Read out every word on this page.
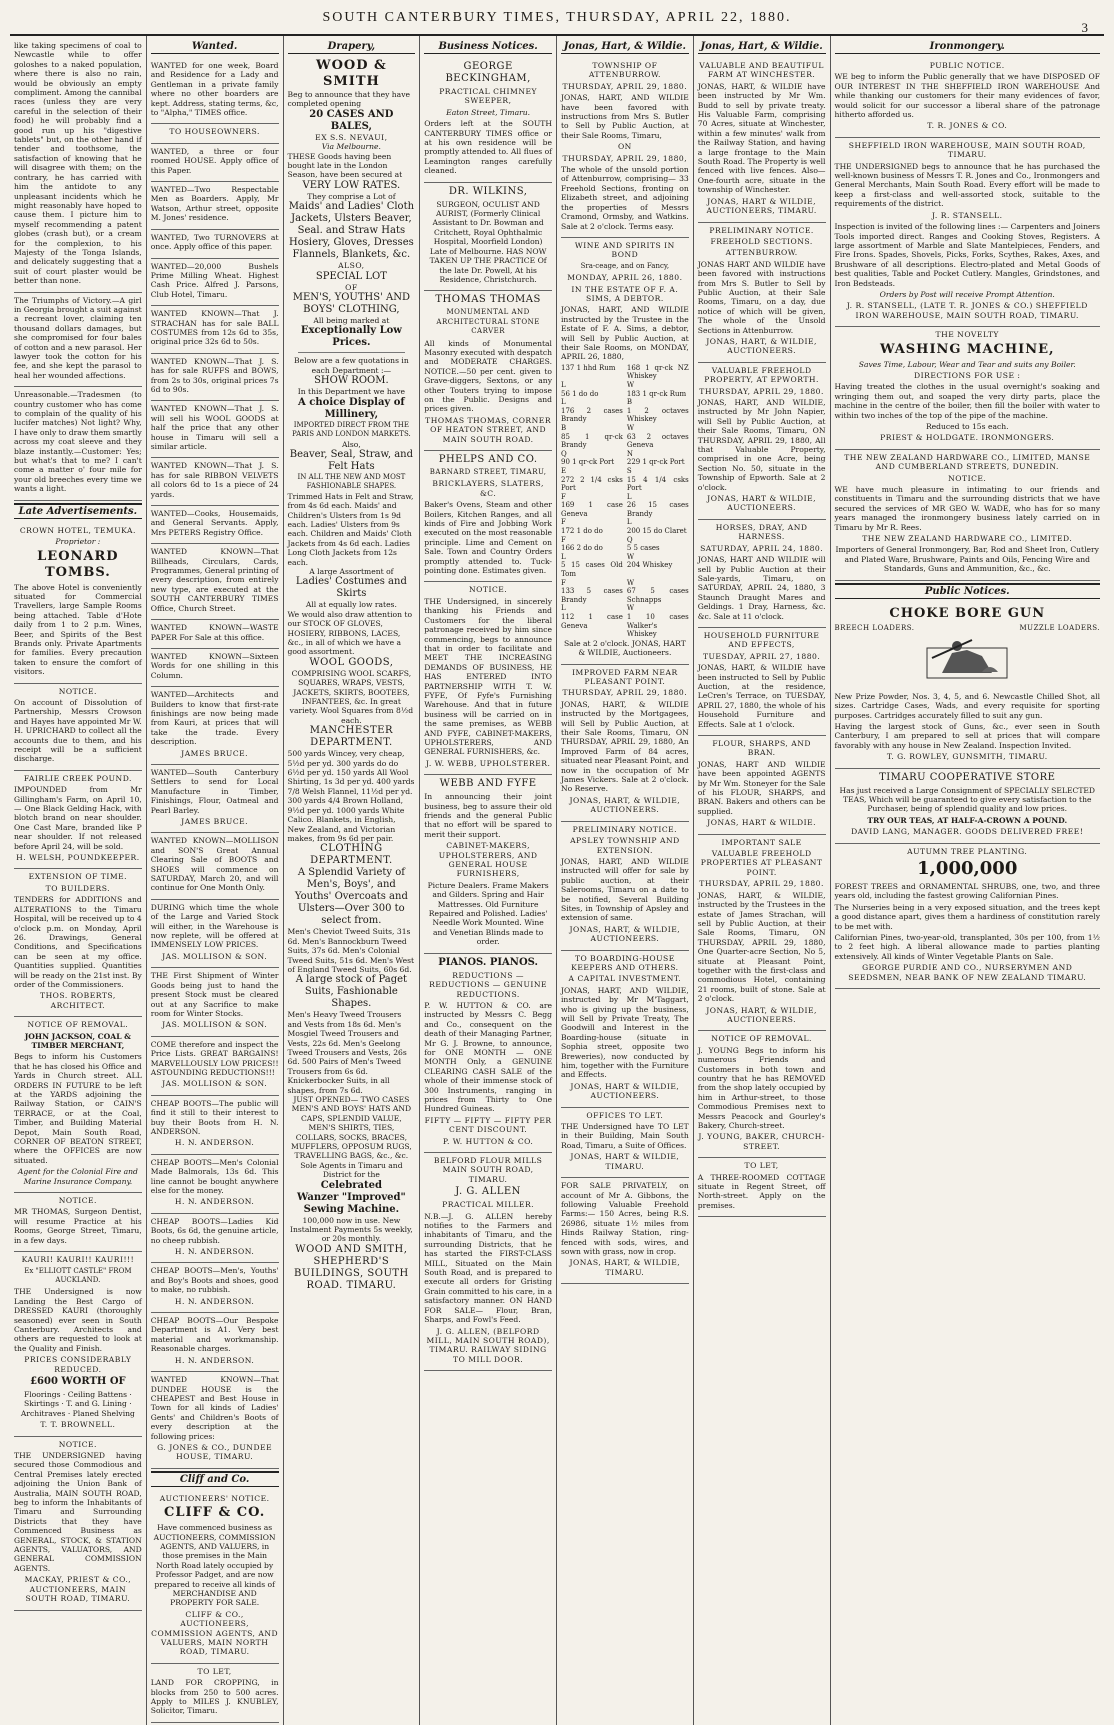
SOUTH CANTERBURY TIMES, THURSDAY, APRIL 22, 1880.
3

like taking specimens of coal to Newcastle while to offer goloshes to a naked population, where there is also no rain, would be obviously an empty compliment. Among the cannibal races (unless they are very careful in the selection of their food) he will probably find a good run up his "digestive tablets" but, on the other hand if tender and toothsome, the satisfaction of knowing that he will disagree with them; on the contrary, he has carried with him the antidote to any unpleasant incidents which he might reasonably have hoped to cause them. I picture him to myself recommending a patent globes (crash but), or a cream for the complexion, to his Majesty of the Tonga Islands, and delicately suggesting that a suit of court plaster would be better than none.

The Triumphs of Victory.—A girl in Georgia brought a suit against a recreant lover, claiming ten thousand dollars damages, but she compromised for four bales of cotton and a new parasol. Her lawyer took the cotton for his fee, and she kept the parasol to heal her wounded affections.

Unreasonable.—Tradesmen (to country customer who has come to complain of the quality of his lucifer matches) Not light? Why, I have only to draw them smartly across my coat sleeve and they blaze instantly.—Customer: Yes; but what's that to me? I can't come a matter o' four mile for your old breeches every time we wants a light.

Late Advertisements.

CROWN HOTEL, TEMUKA.

Proprietor :

LEONARD TOMBS.

The above Hotel is conveniently situated for Commercial Travellers, large Sample Rooms being attached. Table d'Hote daily from 1 to 2 p.m. Wines, Beer, and Spirits of the Best Brands only. Private Apartments for families. Every precaution taken to ensure the comfort of visitors.

NOTICE.

On account of Dissolution of Partnership, Messrs Crowson and Hayes have appointed Mr W. H. UPRICHARD to collect all the accounts due to them, and his receipt will be a sufficient discharge.

FAIRLIE CREEK POUND.

IMPOUNDED from Mr Gillingham's Farm, on April 10,— One Black Gelding Hack, with blotch brand on near shoulder. One Cast Mare, branded like P near shoulder. If not released before April 24, will be sold.

H. WELSH, POUNDKEEPER.

EXTENSION OF TIME.

TO BUILDERS.

TENDERS for ADDITIONS and ALTERATIONS to the Timaru Hospital, will be received up to 4 o'clock p.m. on Monday, April 26. Drawings, General Conditions, and Specifications can be seen at my office. Quantities supplied. Quantities will be ready on the 21st inst. By order of the Commissioners.

THOS. ROBERTS, ARCHITECT.

NOTICE OF REMOVAL.

JOHN JACKSON, COAL & TIMBER MERCHANT,

Begs to inform his Customers that he has closed his Office and Yards in Church street. ALL ORDERS IN FUTURE to be left at the YARDS adjoining the Railway Station, or CAIN'S TERRACE, or at the Coal, Timber, and Building Material Depot, Main South Road, CORNER OF BEATON STREET, where the OFFICES are now situated.

Agent for the Colonial Fire and Marine Insurance Company.

NOTICE.

MR THOMAS, Surgeon Dentist, will resume Practice at his Rooms, George Street, Timaru, in a few days.

KAURI! KAURI!! KAURI!!!

Ex "ELLIOTT CASTLE" FROM AUCKLAND.

THE Undersigned is now Landing the Best Cargo of DRESSED KAURI (thoroughly seasoned) ever seen in South Canterbury. Architects and others are requested to look at the Quality and Finish.

PRICES CONSIDERABLY REDUCED.

£600 WORTH OF

Floorings · Ceiling Battens · Skirtings · T. and G. Lining · Architraves · Planed Shelving

T. T. BROWNELL.

NOTICE.

THE UNDERSIGNED having secured those Commodious and Central Premises lately erected adjoining the Union Bank of Australia, MAIN SOUTH ROAD, beg to inform the Inhabitants of Timaru and Surrounding Districts that they have Commenced Business as GENERAL, STOCK, & STATION AGENTS, VALUATORS, AND GENERAL COMMISSION AGENTS.

MACKAY, PRIEST & CO., AUCTIONEERS, MAIN SOUTH ROAD, TIMARU.

Wanted.

WANTED for one week, Board and Residence for a Lady and Gentleman in a private family where no other boarders are kept. Address, stating terms, &c, to "Alpha," TIMES office.

TO HOUSEOWNERS.

WANTED, a three or four roomed HOUSE. Apply office of this Paper.

WANTED—Two Respectable Men as Boarders. Apply, Mr Watson, Arthur street, opposite M. Jones' residence.

WANTED, Two TURNOVERS at once. Apply office of this paper.

WANTED—20,000 Bushels Prime Milling Wheat. Highest Cash Price. Alfred J. Parsons, Club Hotel, Timaru.

WANTED KNOWN—That J. STRACHAN has for sale BALL COSTUMES from 12s 6d to 35s, original price 32s 6d to 50s.

WANTED KNOWN—That J. S. has for sale RUFFS and BOWS, from 2s to 30s, original prices 7s 6d to 90s.

WANTED KNOWN—That J. S. will sell his WOOL GOODS at half the price that any other house in Timaru will sell a similar article.

WANTED KNOWN—That J. S. has for sale RIBBON VELVETS all colors 6d to 1s a piece of 24 yards.

WANTED—Cooks, Housemaids, and General Servants. Apply, Mrs PETERS Registry Office.

WANTED KNOWN—That Billheads, Circulars, Cards, Programmes, General printing of every description, from entirely new type, are executed at the SOUTH CANTERBURY TIMES Office, Church Street.

WANTED KNOWN—WASTE PAPER For Sale at this office.

WANTED KNOWN—Sixteen Words for one shilling in this Column.

WANTED—Architects and Builders to know that first-rate finishings are now being made from Kauri, at prices that will take the trade. Every description.

JAMES BRUCE.

WANTED—South Canterbury Settlers to send for Local Manufacture in Timber, Finishings, Flour, Oatmeal and Pearl Barley.

JAMES BRUCE.

WANTED KNOWN—MOLLISON and SON'S Great Annual Clearing Sale of BOOTS and SHOES will commence on SATURDAY, March 20, and will continue for One Month Only.

DURING which time the whole of the Large and Varied Stock will either, in the Warehouse is now replete, will be offered at IMMENSELY LOW PRICES.

JAS. MOLLISON & SON.

THE First Shipment of Winter Goods being just to hand the present Stock must be cleared out at any Sacrifice to make room for Winter Stocks.

JAS. MOLLISON & SON.

COME therefore and inspect the Price Lists. GREAT BARGAINS! MARVELLOUSLY LOW PRICES!! ASTOUNDING REDUCTIONS!!!

JAS. MOLLISON & SON.

CHEAP BOOTS—The public will find it still to their interest to buy their Boots from H. N. ANDERSON.

H. N. ANDERSON.

CHEAP BOOTS—Men's Colonial Made Balmorals, 13s 6d. This line cannot be bought anywhere else for the money.

H. N. ANDERSON.

CHEAP BOOTS—Ladies Kid Boots, 6s 6d, the genuine article, no cheep rubbish.

H. N. ANDERSON.

CHEAP BOOTS—Men's, Youths' and Boy's Boots and shoes, good to make, no rubbish.

H. N. ANDERSON.

CHEAP BOOTS—Our Bespoke Department is A1. Very best material and workmanship. Reasonable charges.

H. N. ANDERSON.

WANTED KNOWN—That DUNDEE HOUSE is the CHEAPEST and Best House in Town for all kinds of Ladies' Gents' and Children's Boots of every description at the following prices:

G. JONES & CO., DUNDEE HOUSE, TIMARU.

Cliff and Co.

AUCTIONEERS' NOTICE.

CLIFF & CO.

Have commenced business as AUCTIONEERS, COMMISSION AGENTS, AND VALUERS, in those premises in the Main North Road lately occupied by Professor Padget, and are now prepared to receive all kinds of MERCHANDISE AND PROPERTY FOR SALE.

CLIFF & CO., AUCTIONEERS, COMMISSION AGENTS, AND VALUERS, MAIN NORTH ROAD, TIMARU.

TO LET,

LAND FOR CROPPING, in blocks from 250 to 500 acres. Apply to MILES J. KNUBLEY, Solicitor, Timaru.

Drapery,

WOOD & SMITH

Beg to announce that they have completed opening

20 CASES AND BALES,

EX S.S. NEVAUI,

Via Melbourne.

THESE Goods having been bought late in the London Season, have been secured at

VERY LOW RATES.

They comprise a Lot of

Maids' and Ladies' Cloth Jackets, Ulsters Beaver, Seal. and Straw Hats Hosiery, Gloves, Dresses Flannels, Blankets, &c.

ALSO,

SPECIAL LOT

OF

MEN'S, YOUTHS' AND BOYS' CLOTHING,

All being marked at

Exceptionally Low Prices.

Below are a few quotations in each Department :—

SHOW ROOM.

In this Department we have

A choice Display of Millinery,

IMPORTED DIRECT FROM THE PARIS AND LONDON MARKETS.

Also,

Beaver, Seal, Straw, and Felt Hats

IN ALL THE NEW AND MOST FASHIONABLE SHAPES.

Trimmed Hats in Felt and Straw, from 4s 6d each. Maids' and Children's Ulsters from 1s 9d each. Ladies' Ulsters from 9s each. Children and Maids' Cloth Jackets from 4s 6d each. Ladies Long Cloth Jackets from 12s each.

A large Assortment of

Ladies' Costumes and Skirts

All at equally low rates.

We would also draw attention to our STOCK OF GLOVES, HOSIERY, RIBBONS, LACES, &c., in all of which we have a good assortment.

WOOL GOODS,

COMPRISING WOOL SCARFS, SQUARES, WRAPS, VESTS, JACKETS, SKIRTS, BOOTEES, INFANTEES, &c. In great variety. Wool Squares from 8½d each.

MANCHESTER DEPARTMENT.

500 yards Wincey, very cheap, 5½d per yd. 300 yards do do 6½d per yd. 150 yards All Wool Shirting, 1s 3d per yd. 400 yards 7/8 Welsh Flannel, 11½d per yd. 300 yards 4/4 Brown Holland, 9½d per yd. 1000 yards White Calico. Blankets, in English, New Zealand, and Victorian makes, from 9s 6d per pair.

CLOTHING DEPARTMENT.

A Splendid Variety of Men's, Boys', and Youths' Overcoats and Ulsters—Over 300 to select from.

Men's Cheviot Tweed Suits, 31s 6d. Men's Bannockburn Tweed Suits, 37s 6d. Men's Colonial Tweed Suits, 51s 6d. Men's West of England Tweed Suits, 60s 6d.

A large stock of Paget Suits, Fashionable Shapes.

Men's Heavy Tweed Trousers and Vests from 18s 6d. Men's Mosgiel Tweed Trousers and Vests, 22s 6d. Men's Geelong Tweed Trousers and Vests, 26s 6d. 500 Pairs of Men's Tweed Trousers from 6s 6d. Knickerbocker Suits, in all shapes, from 7s 6d.

JUST OPENED— TWO CASES MEN'S AND BOYS' HATS AND CAPS, SPLENDID VALUE, MEN'S SHIRTS, TIES, COLLARS, SOCKS, BRACES, MUFFLERS, OPPOSUM RUGS, TRAVELLING BAGS, &c., &c.

Sole Agents in Timaru and District for the

Celebrated

Wanzer "Improved" Sewing Machine.

100,000 now in use. New Instalment Payments 5s weekly, or 20s monthly.

WOOD AND SMITH, SHEPHERD'S BUILDINGS, SOUTH ROAD. TIMARU.

Business Notices.

GEORGE BECKINGHAM,

PRACTICAL CHIMNEY SWEEPER,

Eaton Street, Timaru.

Orders left at the SOUTH CANTERBURY TIMES office or at his own residence will be promptly attended to. All flues of Leamington ranges carefully cleaned.

DR. WILKINS,

SURGEON, OCULIST AND AURIST, (Formerly Clinical Assistant to Dr. Bowman and Critchett, Royal Ophthalmic Hospital, Moorfield London) Late of Melbourne. HAS NOW TAKEN UP THE PRACTICE Of the late Dr. Powell, At his Residence, Christchurch.

THOMAS THOMAS

MONUMENTAL AND ARCHITECTURAL STONE CARVER

All kinds of Monumental Masonry executed with despatch and MODERATE CHARGES. NOTICE.—50 per cent. given to Grave-diggers, Sextons, or any other Touters trying to impose on the Public. Designs and prices given.

THOMAS THOMAS, CORNER OF HEATON STREET, AND MAIN SOUTH ROAD.

PHELPS AND CO.

BARNARD STREET, TIMARU,

BRICKLAYERS, SLATERS, &C.

Baker's Ovens, Steam and other Boilers, Kitchen Ranges, and all kinds of Fire and Jobbing Work executed on the most reasonable principle. Lime and Cement on Sale. Town and Country Orders promptly attended to. Tuck-pointing done. Estimates given.

NOTICE.

THE Undersigned, in sincerely thanking his Friends and Customers for the liberal patronage received by him since commencing, begs to announce that in order to facilitate and MEET THE INCREASING DEMANDS OF BUSINESS, HE HAS ENTERED INTO PARTNERSHIP WITH T. W. FYFE, Of Fyfe's Furnishing Warehouse. And that in future business will be carried on in the same premises, as WEBB AND FYFE, CABINET-MAKERS, UPHOLSTERERS, AND GENERAL FURNISHERS, &c.

J. W. WEBB, UPHOLSTERER.

WEBB AND FYFE

In announcing their joint business, beg to assure their old friends and the general Public that no effort will be spared to merit their support.

CABINET-MAKERS, UPHOLSTERERS, AND GENERAL HOUSE FURNISHERS,

Picture Dealers. Frame Makers and Gilders. Spring and Hair Mattresses. Old Furniture Repaired and Polished. Ladies' Needle Work Mounted. Wine and Venetian Blinds made to order.

PIANOS. PIANOS.

REDUCTIONS — REDUCTIONS — GENUINE REDUCTIONS.

P. W. HUTTON & CO. are instructed by Messrs C. Begg and Co., consequent on the death of their Managing Partner, Mr G. J. Browne, to announce, for ONE MONTH — ONE MONTH Only, a GENUINE CLEARING CASH SALE of the whole of their immense stock of 300 Instruments, ranging in prices from Thirty to One Hundred Guineas.

FIFTY — FIFTY — FIFTY PER CENT DISCOUNT.

P. W. HUTTON & CO.

BELFORD FLOUR MILLS MAIN SOUTH ROAD, TIMARU.

J. G. ALLEN

PRACTICAL MILLER.

N.B.—J. G. ALLEN hereby notifies to the Farmers and inhabitants of Timaru, and the surrounding Districts, that he has started the FIRST-CLASS MILL, Situated on the Main South Road, and is prepared to execute all orders for Gristing Grain committed to his care, in a satisfactory manner. ON HAND FOR SALE— Flour, Bran, Sharps, and Fowl's Feed.

J. G. ALLEN, (BELFORD MILL, MAIN SOUTH ROAD), TIMARU. RAILWAY SIDING TO MILL DOOR.

Jonas, Hart, & Wildie.

TOWNSHIP OF ATTENBURROW.

THURSDAY, APRIL 29, 1880.

JONAS, HART, AND WILDIE have been favored with instructions from Mrs S. Butler to Sell by Public Auction, at their Sale Rooms, Timaru,

ON

THURSDAY, APRIL 29, 1880,

The whole of the unsold portion of Attenburrow, comprising— 33 Freehold Sections, fronting on Elizabeth street, and adjoining the properties of Messrs Cramond, Ormsby, and Watkins. Sale at 2 o'clock. Terms easy.

WINE AND SPIRITS IN BOND

Sra-ceage, and on Fancy,

MONDAY, APRIL 26, 1880.

IN THE ESTATE OF F. A. SIMS, A DEBTOR.

JONAS, HART, AND WILDIE instructed by the Trustee in the Estate of F. A. Sims, a debtor, will Sell by Public Auction, at their Sale Rooms, on MONDAY, APRIL 26, 1880,

137 1 hhd Rum	168 1 qr-ck NZ Whiskey
L	W
56 1 do do	183 1 qr-ck Rum
L	B
176 2 cases Brandy
1 2 octaves Whiskey
B	W
85 1 qr-ck Brandy
63 2 octaves Geneva
Q	N
90 1 qr-ck Port	229 1 qr-ck Port
E	S
272 2 1/4 csks Port
15 4 1/4 csks Port
F	L
169 1 case Geneva
26 15 cases Brandy
F	L
172 1 do do	200 15 do Claret
F	Q
166 2 do do	5 5 cases
L	W
5 15 cases Old Tom
204 Whiskey
F	W
133 5 cases Brandy
67 5 cases Schnapps
L	W
112 1 case Geneva
1 10 cases Walker's Whiskey

Sale at 2 o'clock. JONAS, HART & WILDIE, Auctioneers.

IMPROVED FARM NEAR PLEASANT POINT.

THURSDAY, APRIL 29, 1880.

JONAS, HART, & WILDIE instructed by the Mortgagees, will Sell by Public Auction, at their Sale Rooms, Timaru, ON THURSDAY, APRIL 29, 1880, An Improved Farm of 84 acres, situated near Pleasant Point, and now in the occupation of Mr James Vickers. Sale at 2 o'clock. No Reserve.

JONAS, HART, & WILDIE, AUCTIONEERS.

PRELIMINARY NOTICE.

APSLEY TOWNSHIP AND EXTENSION.

JONAS, HART, AND WILDIE instructed will offer for sale by public auction, at their Salerooms, Timaru on a date to be notified, Several Building Sites, in Township of Apsley and extension of same.

JONAS, HART, & WILDIE, AUCTIONEERS.

TO BOARDING-HOUSE KEEPERS AND OTHERS.

A CAPITAL INVESTMENT.

JONAS, HART, AND WILDIE, instructed by Mr M'Taggart, who is giving up the business, will Sell by Private Treaty, The Goodwill and Interest in the Boarding-house (situate in Sophia street, opposite two Breweries), now conducted by him, together with the Furniture and Effects.

JONAS, HART & WILDIE, AUCTIONEERS.

OFFICES TO LET.

THE Undersigned have TO LET in their Building, Main South Road, Timaru, a Suite of Offices.

JONAS, HART & WILDIE, TIMARU.

FOR SALE PRIVATELY, on account of Mr A. Gibbons, the following Valuable Freehold Farms:— 150 Acres, being R.S. 26986, situate 1½ miles from Hinds Railway Station, ring-fenced with sods, wires, and sown with grass, now in crop.

JONAS, HART, & WILDIE, TIMARU.

Jonas, Hart, & Wildie.

VALUABLE AND BEAUTIFUL FARM AT WINCHESTER.

JONAS, HART, & WILDIE have been instructed by Mr Wm. Budd to sell by private treaty. His Valuable Farm, comprising 70 Acres, situate at Winchester, within a few minutes' walk from the Railway Station, and having a large frontage to the Main South Road. The Property is well fenced with live fences. Also— One-fourth acre, situate in the township of Winchester.

JONAS, HART & WILDIE, AUCTIONEERS, TIMARU.

PRELIMINARY NOTICE.

FREEHOLD SECTIONS.

ATTENBURROW.

JONAS HART AND WILDIE have been favored with instructions from Mrs S. Butler to Sell by Public Auction, at their Sale Rooms, Timaru, on a day, due notice of which will be given, The whole of the Unsold Sections in Attenburrow.

JONAS, HART, & WILDIE, AUCTIONEERS.

VALUABLE FREEHOLD PROPERTY, AT EPWORTH.

THURSDAY, APRIL 29, 1880.

JONAS, HART, AND WILDIE, instructed by Mr John Napier, will Sell by Public Auction, at their Sale Rooms, Timaru, ON THURSDAY, APRIL 29, 1880, All that Valuable Property, comprised in one Acre, being Section No. 50, situate in the Township of Epworth. Sale at 2 o'clock.

JONAS, HART & WILDIE, AUCTIONEERS.

HORSES, DRAY, AND HARNESS.

SATURDAY, APRIL 24, 1880.

JONAS, HART AND WILDIE will sell by Public Auction at their Sale-yards, Timaru, on SATURDAY, APRIL 24, 1880, 3 Staunch Draught Mares and Geldings. 1 Dray, Harness, &c. &c. Sale at 11 o'clock.

HOUSEHOLD FURNITURE AND EFFECTS,

TUESDAY, APRIL 27, 1880.

JONAS, HART, & WILDIE have been instructed to Sell by Public Auction, at the residence, LeCren's Terrace, on TUESDAY, APRIL 27, 1880, the whole of his Household Furniture and Effects. Sale at 1 o'clock.

FLOUR, SHARPS, AND BRAN.

JONAS, HART AND WILDIE have been appointed AGENTS by Mr Wm. Stoneyer for the Sale of his FLOUR, SHARPS, and BRAN. Bakers and others can be supplied.

JONAS, HART & WILDIE.

IMPORTANT SALE

VALUABLE FREEHOLD PROPERTIES AT PLEASANT POINT.

THURSDAY, APRIL 29, 1880.

JONAS, HART, & WILDIE, instructed by the Trustees in the estate of James Strachan, will sell by Public Auction, at their Sale Rooms, Timaru, ON THURSDAY, APRIL 29, 1880, One Quarter-acre Section, No 5, situate at Pleasant Point, together with the first-class and commodious Hotel, containing 21 rooms, built of stone. Sale at 2 o'clock.

JONAS, HART, & WILDIE, AUCTIONEERS.

NOTICE OF REMOVAL.

J. YOUNG Begs to inform his numerous Friends and Customers in both town and country that he has REMOVED from the shop lately occupied by him in Arthur-street, to those Commodious Premises next to Messrs Peacock and Gourley's Bakery, Church-street.

J. YOUNG, BAKER, CHURCH-STREET.

TO LET,

A THREE-ROOMED COTTAGE situate in Regent Street, off North-street. Apply on the premises.

Ironmongery.

PUBLIC NOTICE.

WE beg to inform the Public generally that we have DISPOSED OF OUR INTEREST IN THE SHEFFIELD IRON WAREHOUSE And while thanking our customers for their many evidences of favor, would solicit for our successor a liberal share of the patronage hitherto afforded us.

T. R. JONES & CO.

SHEFFIELD IRON WAREHOUSE, MAIN SOUTH ROAD, TIMARU.

THE UNDERSIGNED begs to announce that he has purchased the well-known business of Messrs T. R. Jones and Co., Ironmongers and General Merchants, Main South Road. Every effort will be made to keep a first-class and well-assorted stock, suitable to the requirements of the district.

J. R. STANSELL.

Inspection is invited of the following lines :— Carpenters and Joiners Tools imported direct. Ranges and Cooking Stoves, Registers. A large assortment of Marble and Slate Mantelpieces, Fenders, and Fire Irons. Spades, Shovels, Picks, Forks, Scythes, Rakes, Axes, and Brushware of all descriptions. Electro-plated and Metal Goods of best qualities, Table and Pocket Cutlery. Mangles, Grindstones, and Iron Bedsteads.

Orders by Post will receive Prompt Attention.

J. R. STANSELL, (LATE T. R. JONES & CO.) SHEFFIELD IRON WAREHOUSE, MAIN SOUTH ROAD, TIMARU.

THE NOVELTY

WASHING MACHINE,

Saves Time, Labour, Wear and Tear and suits any Boiler.

DIRECTIONS FOR USE :

Having treated the clothes in the usual overnight's soaking and wringing them out, and soaped the very dirty parts, place the machine in the centre of the boiler, then fill the boiler with water to within two inches of the top of the pipe of the machine.

Reduced to 15s each.

PRIEST & HOLDGATE. IRONMONGERS.

THE NEW ZEALAND HARDWARE CO., LIMITED, MANSE AND CUMBERLAND STREETS, DUNEDIN.

NOTICE.

WE have much pleasure in intimating to our friends and constituents in Timaru and the surrounding districts that we have secured the services of MR GEO W. WADE, who has for so many years managed the ironmongery business lately carried on in Timaru by Mr R. Rees.

THE NEW ZEALAND HARDWARE CO., LIMITED.

Importers of General Ironmongery, Bar, Rod and Sheet Iron, Cutlery and Plated Ware, Brushware, Paints and Oils, Fencing Wire and Standards, Guns and Ammunition, &c., &c.

Public Notices.

CHOKE BORE GUN

BREECH LOADERS.	MUZZLE LOADERS.

New Prize Powder, Nos. 3, 4, 5, and 6. Newcastle Chilled Shot, all sizes. Cartridge Cases, Wads, and every requisite for sporting purposes. Cartridges accurately filled to suit any gun.

Having the largest stock of Guns, &c., ever seen in South Canterbury, I am prepared to sell at prices that will compare favorably with any house in New Zealand. Inspection Invited.

T. G. ROWLEY, GUNSMITH, TIMARU.

TIMARU COOPERATIVE STORE

Has just received a Large Consignment of SPECIALLY SELECTED TEAS, Which will be guaranteed to give every satisfaction to the Purchaser, being of splendid quality and low prices.

TRY OUR TEAS, AT HALF-A-CROWN A POUND.

DAVID LANG, MANAGER. GOODS DELIVERED FREE!

AUTUMN TREE PLANTING.

1,000,000

FOREST TREES and ORNAMENTAL SHRUBS, one, two, and three years old, including the fastest growing Californian Pines.

The Nurseries being in a very exposed situation, and the trees kept a good distance apart, gives them a hardiness of constitution rarely to be met with.

Californian Pines, two-year-old, transplanted, 30s per 100, from 1½ to 2 feet high. A liberal allowance made to parties planting extensively. All kinds of Winter Vegetable Plants on Sale.

GEORGE PURDIE AND CO., NURSERYMEN AND SEEDSMEN, NEAR BANK OF NEW ZEALAND TIMARU.
